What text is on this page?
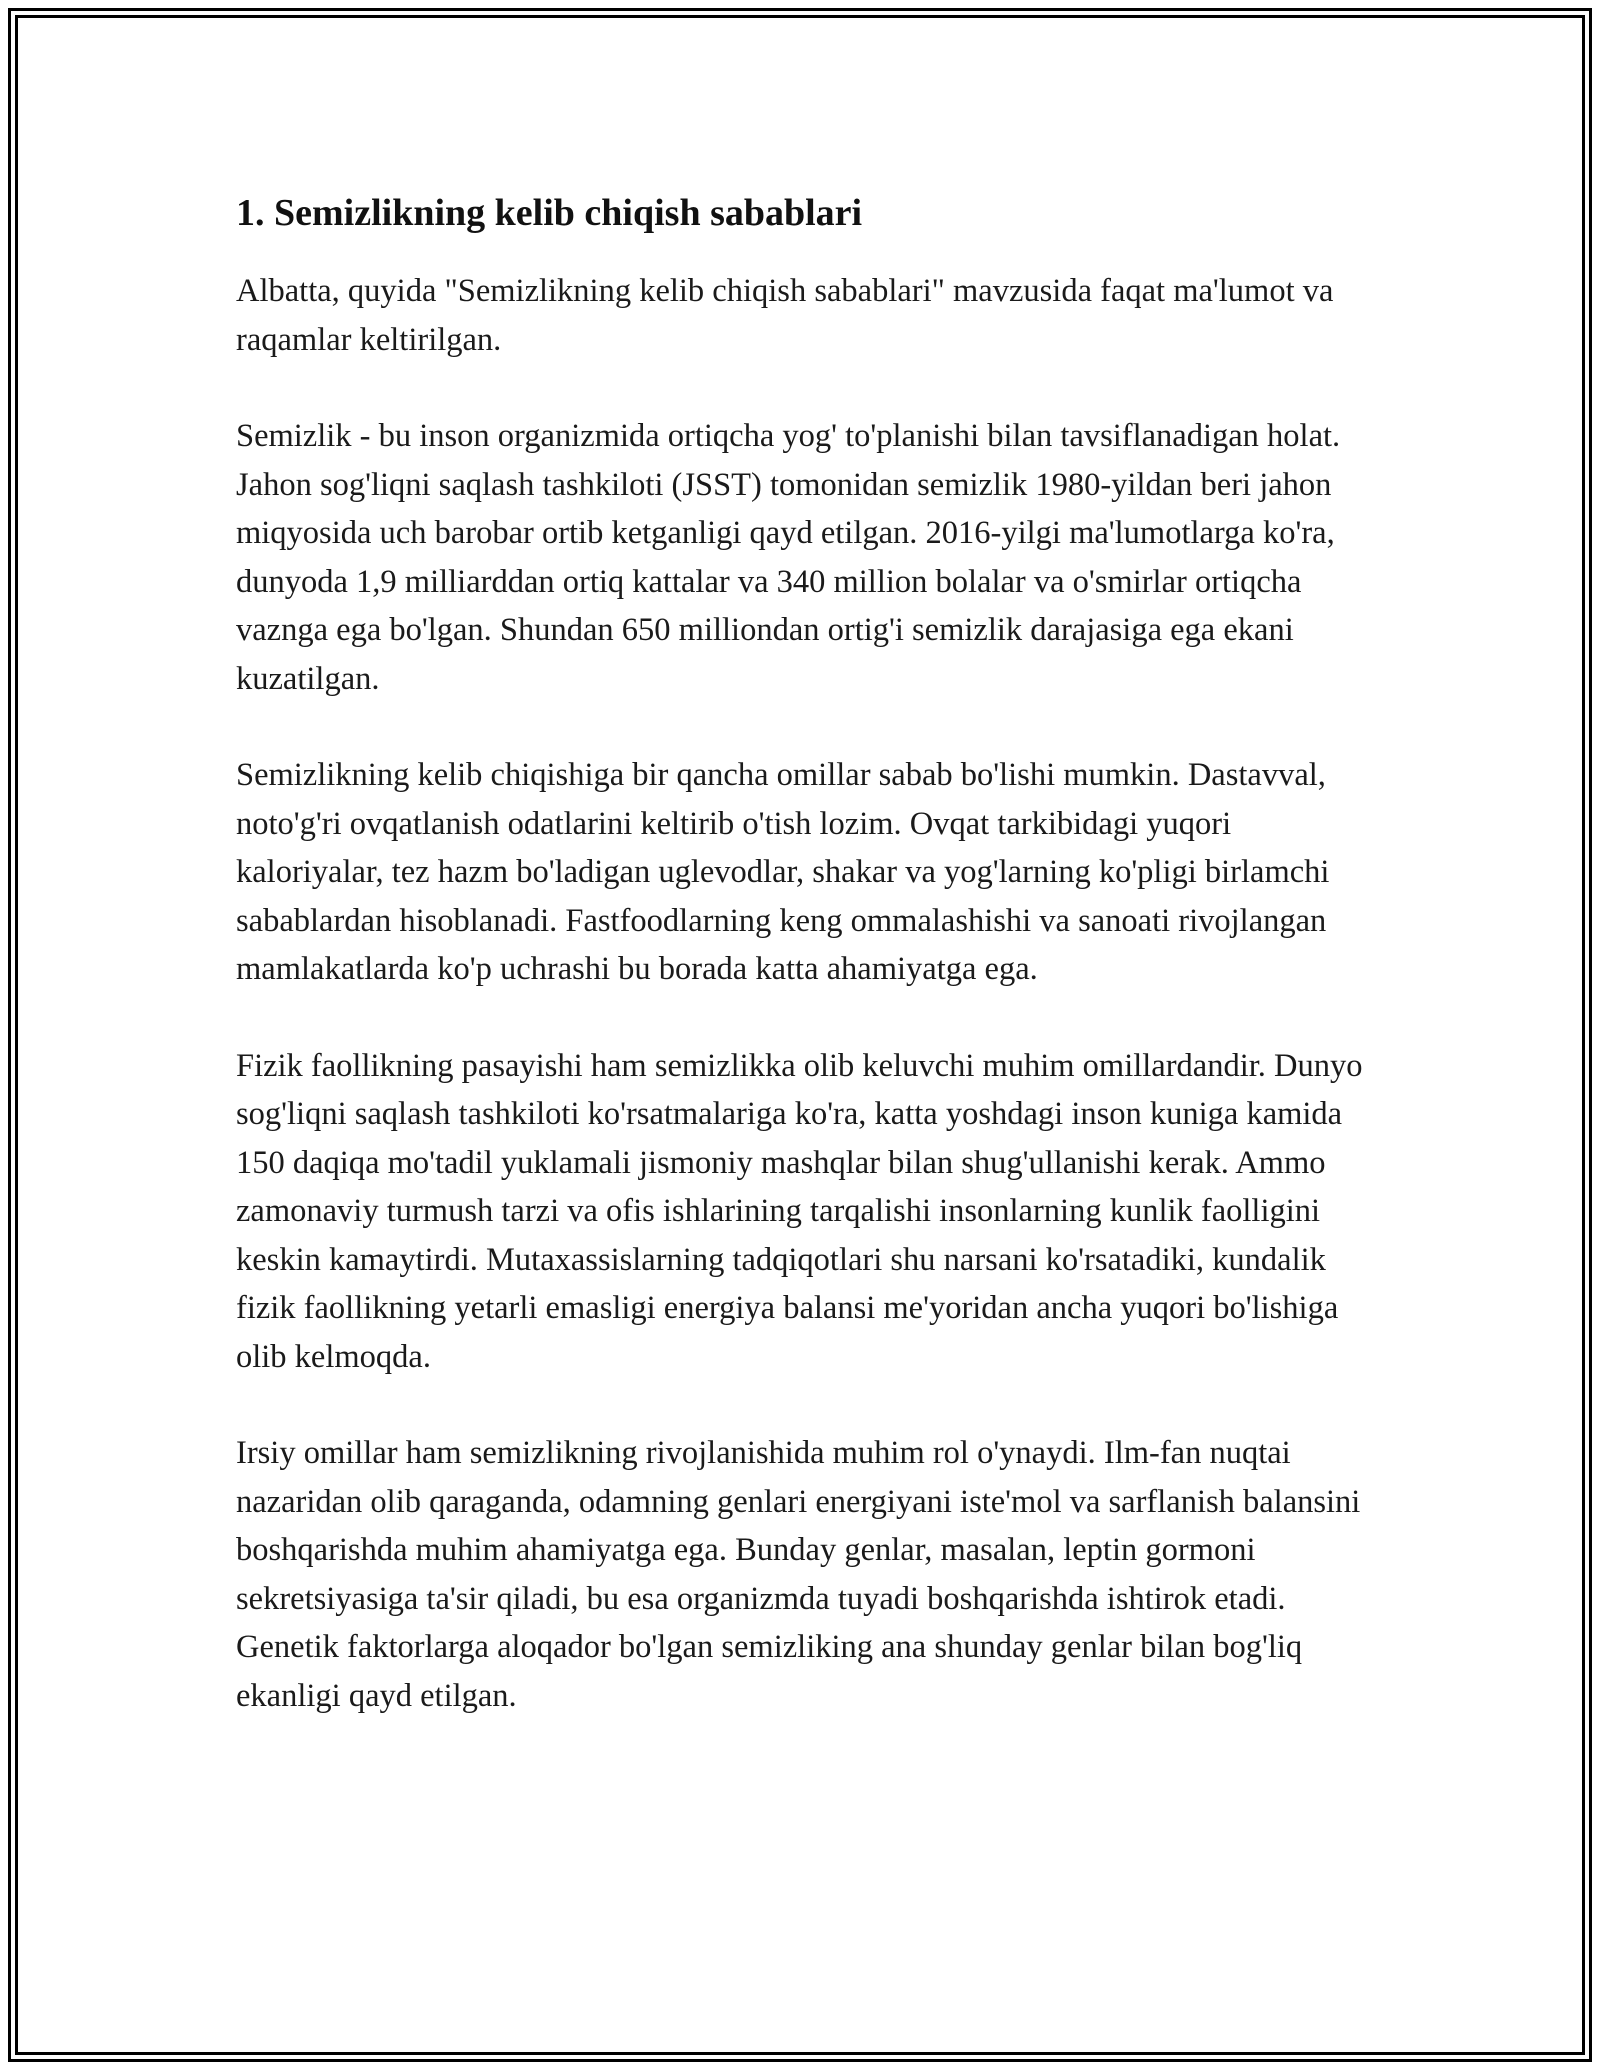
1. Semizlikning kelib chiqish sabablari

Albatta, quyida "Semizlikning kelib chiqish sabablari" mavzusida faqat ma'lumot va raqamlar keltirilgan.

Semizlik - bu inson organizmida ortiqcha yog' to'planishi bilan tavsiflanadigan holat. Jahon sog'liqni saqlash tashkiloti (JSST) tomonidan semizlik 1980-yildan beri jahon miqyosida uch barobar ortib ketganligi qayd etilgan. 2016-yilgi ma'lumotlarga ko'ra, dunyoda 1,9 milliarddan ortiq kattalar va 340 million bolalar va o'smirlar ortiqcha vaznga ega bo'lgan. Shundan 650 milliondan ortig'i semizlik darajasiga ega ekani kuzatilgan.

Semizlikning kelib chiqishiga bir qancha omillar sabab bo'lishi mumkin. Dastavval, noto'g'ri ovqatlanish odatlarini keltirib o'tish lozim. Ovqat tarkibidagi yuqori kaloriyalar, tez hazm bo'ladigan uglevodlar, shakar va yog'larning ko'pligi birlamchi sabablardan hisoblanadi. Fastfoodlarning keng ommalashishi va sanoati rivojlangan mamlakatlarda ko'p uchrashi bu borada katta ahamiyatga ega.

Fizik faollikning pasayishi ham semizlikka olib keluvchi muhim omillardandir. Dunyo sog'liqni saqlash tashkiloti ko'rsatmalariga ko'ra, katta yoshdagi inson kuniga kamida 150 daqiqa mo'tadil yuklamali jismoniy mashqlar bilan shug'ullanishi kerak. Ammo zamonaviy turmush tarzi va ofis ishlarining tarqalishi insonlarning kunlik faolligini keskin kamaytirdi. Mutaxassislarning tadqiqotlari shu narsani ko'rsatadiki, kundalik fizik faollikning yetarli emasligi energiya balansi me'yoridan ancha yuqori bo'lishiga olib kelmoqda.

Irsiy omillar ham semizlikning rivojlanishida muhim rol o'ynaydi. Ilm-fan nuqtai nazaridan olib qaraganda, odamning genlari energiyani iste'mol va sarflanish balansini boshqarishda muhim ahamiyatga ega. Bunday genlar, masalan, leptin gormoni sekretsiyasiga ta'sir qiladi, bu esa organizmda tuyadi boshqarishda ishtirok etadi. Genetik faktorlarga aloqador bo'lgan semizliking ana shunday genlar bilan bog'liq ekanligi qayd etilgan.
